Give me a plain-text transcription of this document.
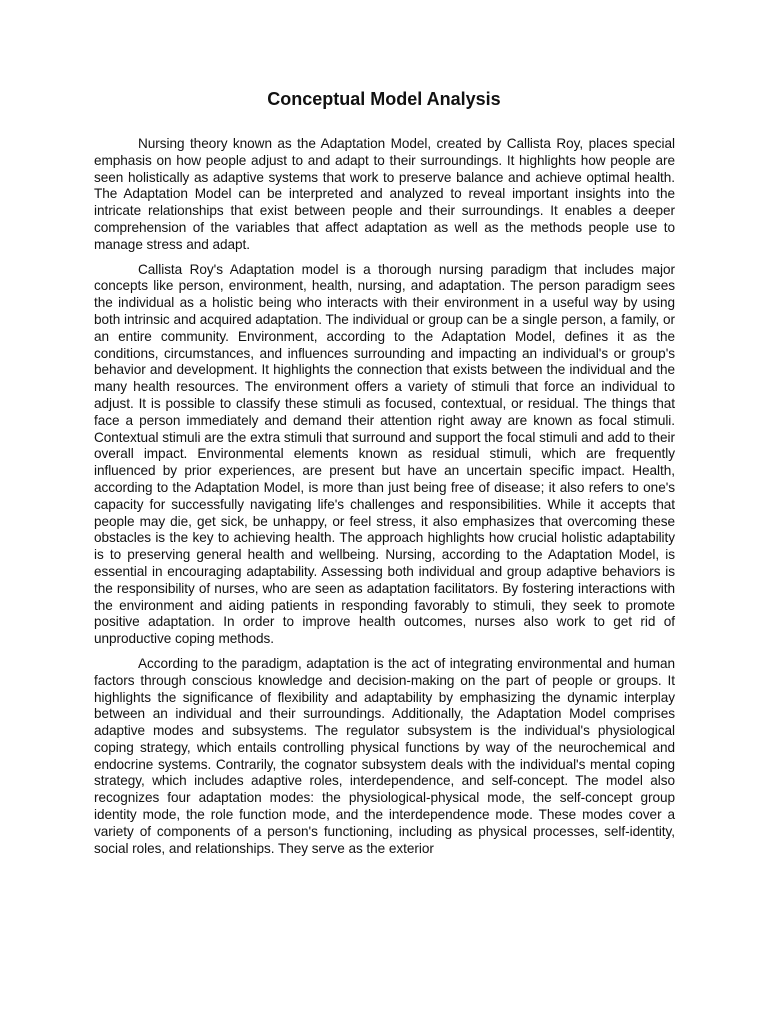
Conceptual Model Analysis

Nursing theory known as the Adaptation Model, created by Callista Roy, places special emphasis on how people adjust to and adapt to their surroundings. It highlights how people are seen holistically as adaptive systems that work to preserve balance and achieve optimal health. The Adaptation Model can be interpreted and analyzed to reveal important insights into the intricate relationships that exist between people and their surroundings. It enables a deeper comprehension of the variables that affect adaptation as well as the methods people use to manage stress and adapt.

Callista Roy's Adaptation model is a thorough nursing paradigm that includes major concepts like person, environment, health, nursing, and adaptation. The person paradigm sees the individual as a holistic being who interacts with their environment in a useful way by using both intrinsic and acquired adaptation. The individual or group can be a single person, a family, or an entire community. Environment, according to the Adaptation Model, defines it as the conditions, circumstances, and influences surrounding and impacting an individual's or group's behavior and development. It highlights the connection that exists between the individual and the many health resources. The environment offers a variety of stimuli that force an individual to adjust. It is possible to classify these stimuli as focused, contextual, or residual. The things that face a person immediately and demand their attention right away are known as focal stimuli. Contextual stimuli are the extra stimuli that surround and support the focal stimuli and add to their overall impact. Environmental elements known as residual stimuli, which are frequently influenced by prior experiences, are present but have an uncertain specific impact. Health, according to the Adaptation Model, is more than just being free of disease; it also refers to one's capacity for successfully navigating life's challenges and responsibilities. While it accepts that people may die, get sick, be unhappy, or feel stress, it also emphasizes that overcoming these obstacles is the key to achieving health. The approach highlights how crucial holistic adaptability is to preserving general health and wellbeing. Nursing, according to the Adaptation Model, is essential in encouraging adaptability. Assessing both individual and group adaptive behaviors is the responsibility of nurses, who are seen as adaptation facilitators. By fostering interactions with the environment and aiding patients in responding favorably to stimuli, they seek to promote positive adaptation. In order to improve health outcomes, nurses also work to get rid of unproductive coping methods.

According to the paradigm, adaptation is the act of integrating environmental and human factors through conscious knowledge and decision-making on the part of people or groups. It highlights the significance of flexibility and adaptability by emphasizing the dynamic interplay between an individual and their surroundings. Additionally, the Adaptation Model comprises adaptive modes and subsystems. The regulator subsystem is the individual's physiological coping strategy, which entails controlling physical functions by way of the neurochemical and endocrine systems. Contrarily, the cognator subsystem deals with the individual's mental coping strategy, which includes adaptive roles, interdependence, and self-concept. The model also recognizes four adaptation modes: the physiological-physical mode, the self-concept group identity mode, the role function mode, and the interdependence mode. These modes cover a variety of components of a person's functioning, including as physical processes, self-identity, social roles, and relationships. They serve as the exterior
